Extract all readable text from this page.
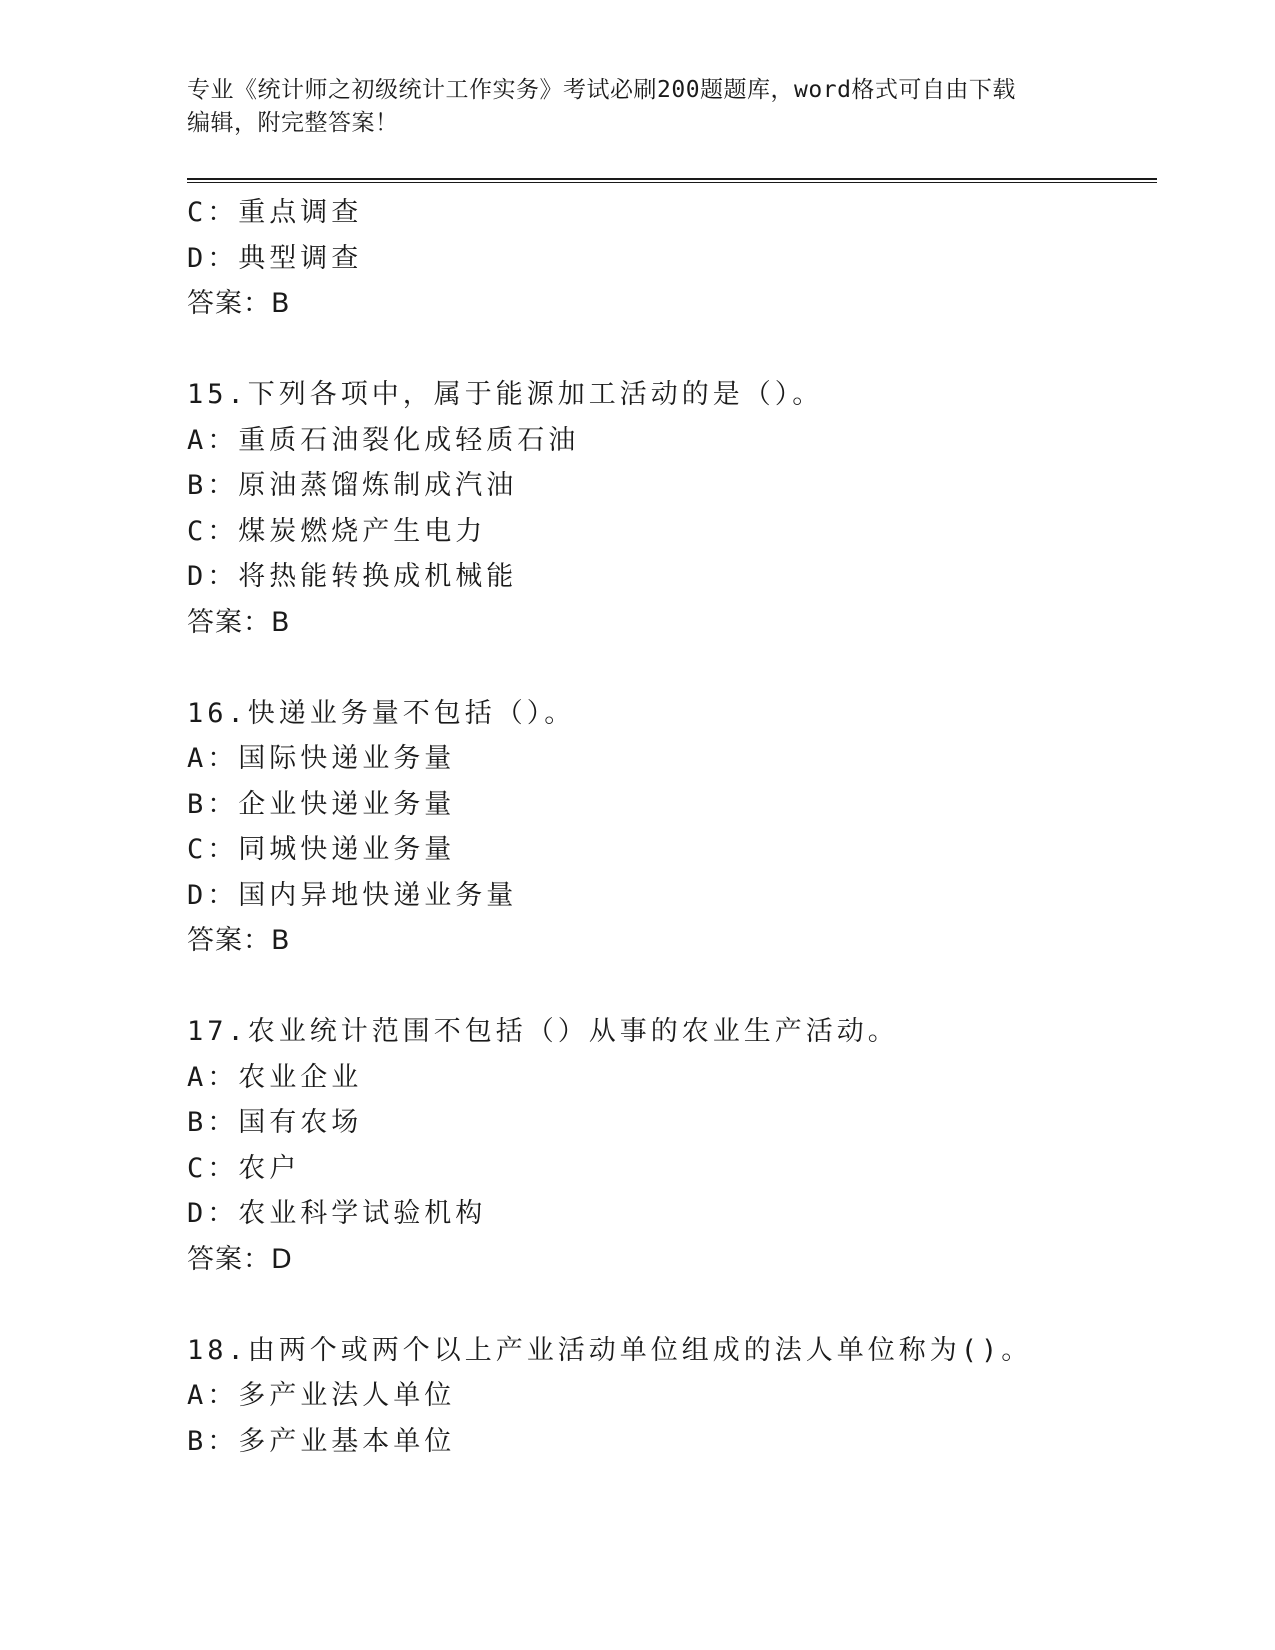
专业《统计师之初级统计工作实务》考试必刷200题题库，word格式可自由下载
编辑，附完整答案！
C：重点调查
D：典型调查
答案：B
15.下列各项中，属于能源加工活动的是（）。
A：重质石油裂化成轻质石油
B：原油蒸馏炼制成汽油
C：煤炭燃烧产生电力
D：将热能转换成机械能
答案：B
16.快递业务量不包括（）。
A：国际快递业务量
B：企业快递业务量
C：同城快递业务量
D：国内异地快递业务量
答案：B
17.农业统计范围不包括（）从事的农业生产活动。
A：农业企业
B：国有农场
C：农户
D：农业科学试验机构
答案：D
18.由两个或两个以上产业活动单位组成的法人单位称为()。
A：多产业法人单位
B：多产业基本单位
